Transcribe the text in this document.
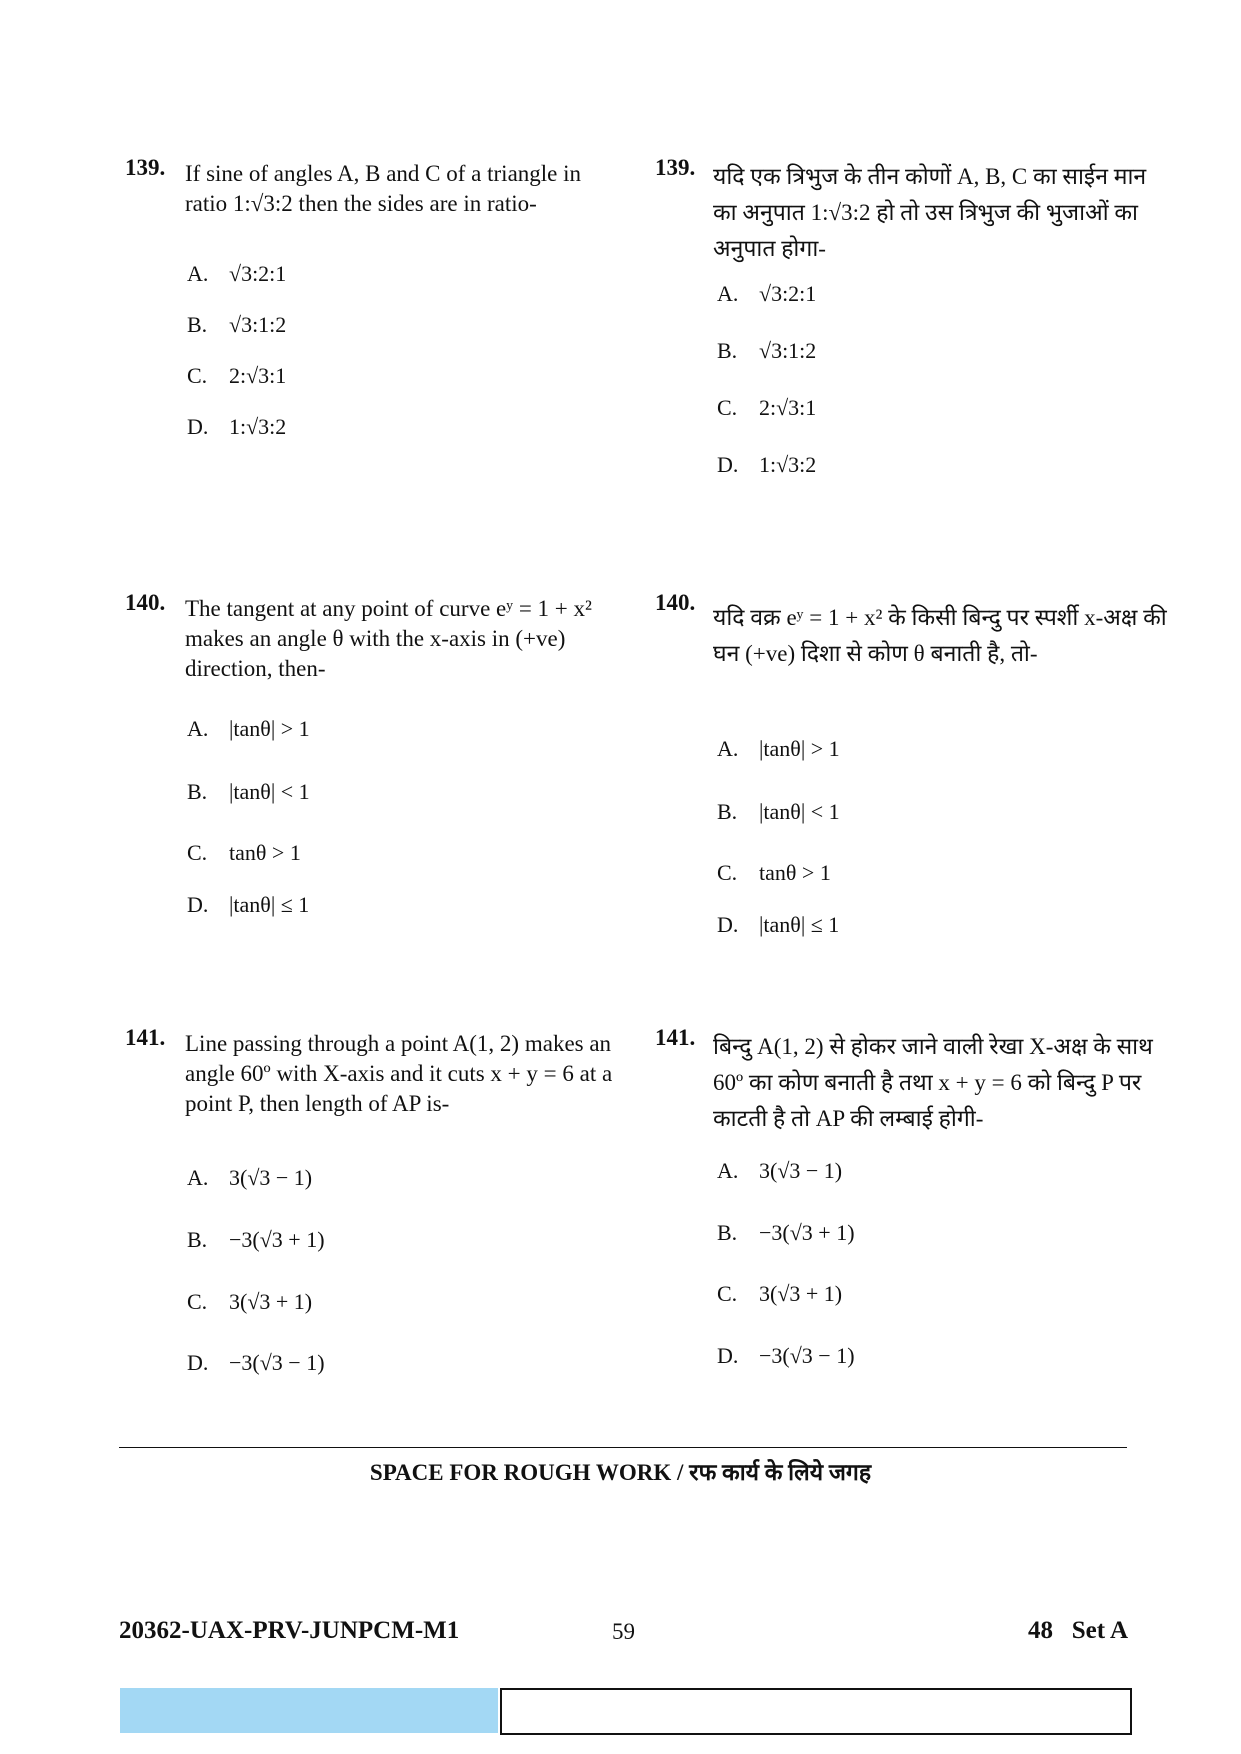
139. If sine of angles A, B and C of a triangle in ratio 1:√3:2 then the sides are in ratio-
A. √3:2:1
B. √3:1:2
C. 2:√3:1
D. 1:√3:2
140. The tangent at any point of curve eʸ = 1 + x² makes an angle θ with the x-axis in (+ve) direction, then-
A. |tanθ| > 1
B. |tanθ| < 1
C. tanθ > 1
D. |tanθ| ≤ 1
141. Line passing through a point A(1, 2) makes an angle 60º with X-axis and it cuts x + y = 6 at a point P, then length of AP is-
A. 3(√3 − 1)
B. −3(√3 + 1)
C. 3(√3 + 1)
D. −3(√3 − 1)
139. यदि एक त्रिभुज के तीन कोणों A, B, C का साईन मान का अनुपात 1:√3:2 हो तो उस त्रिभुज की भुजाओं का अनुपात होगा-
A. √3:2:1
B. √3:1:2
C. 2:√3:1
D. 1:√3:2
140.
यदि वक्र eʸ = 1 + x² के किसी बिन्दु पर स्पर्शी x-अक्ष की घन (+ve) दिशा से कोण θ बनाती है, तो-
A. |tanθ| > 1
B. |tanθ| < 1
C. tanθ > 1
D. |tanθ| ≤ 1
141. बिन्दु A(1, 2) से होकर जाने वाली रेखा X-अक्ष के साथ 60º का कोण बनाती है तथा x + y = 6 को बिन्दु P पर काटती है तो AP की लम्बाई होगी-
A. 3(√3 − 1)
B. −3(√3 + 1)
C. 3(√3 + 1)
D. −3(√3 − 1)
SPACE FOR ROUGH WORK / रफ कार्य के लिये जगह
20362-UAX-PRV-JUNPCM-M1	59	48   Set A
